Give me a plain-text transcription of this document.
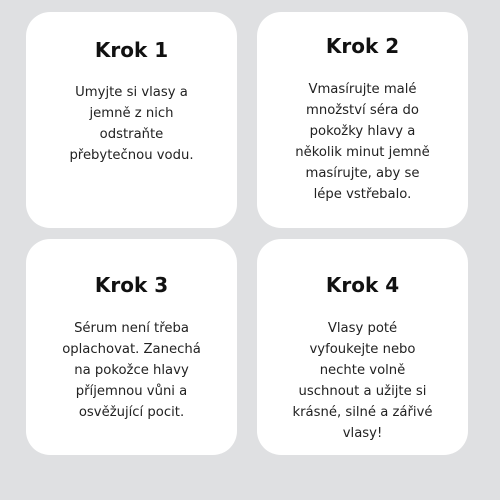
Krok 1
Umyjte si vlasy a
jemně z nich
odstraňte
přebytečnou vodu.
Krok 2
Vmasírujte malé
množství séra do
pokožky hlavy a
několik minut jemně
masírujte, aby se
lépe vstřebalo.
Krok 3
Sérum není třeba
oplachovat. Zanechá
na pokožce hlavy
příjemnou vůni a
osvěžující pocit.
Krok 4
Vlasy poté
vyfoukejte nebo
nechte volně
uschnout a užijte si
krásné, silné a zářivé
vlasy!
